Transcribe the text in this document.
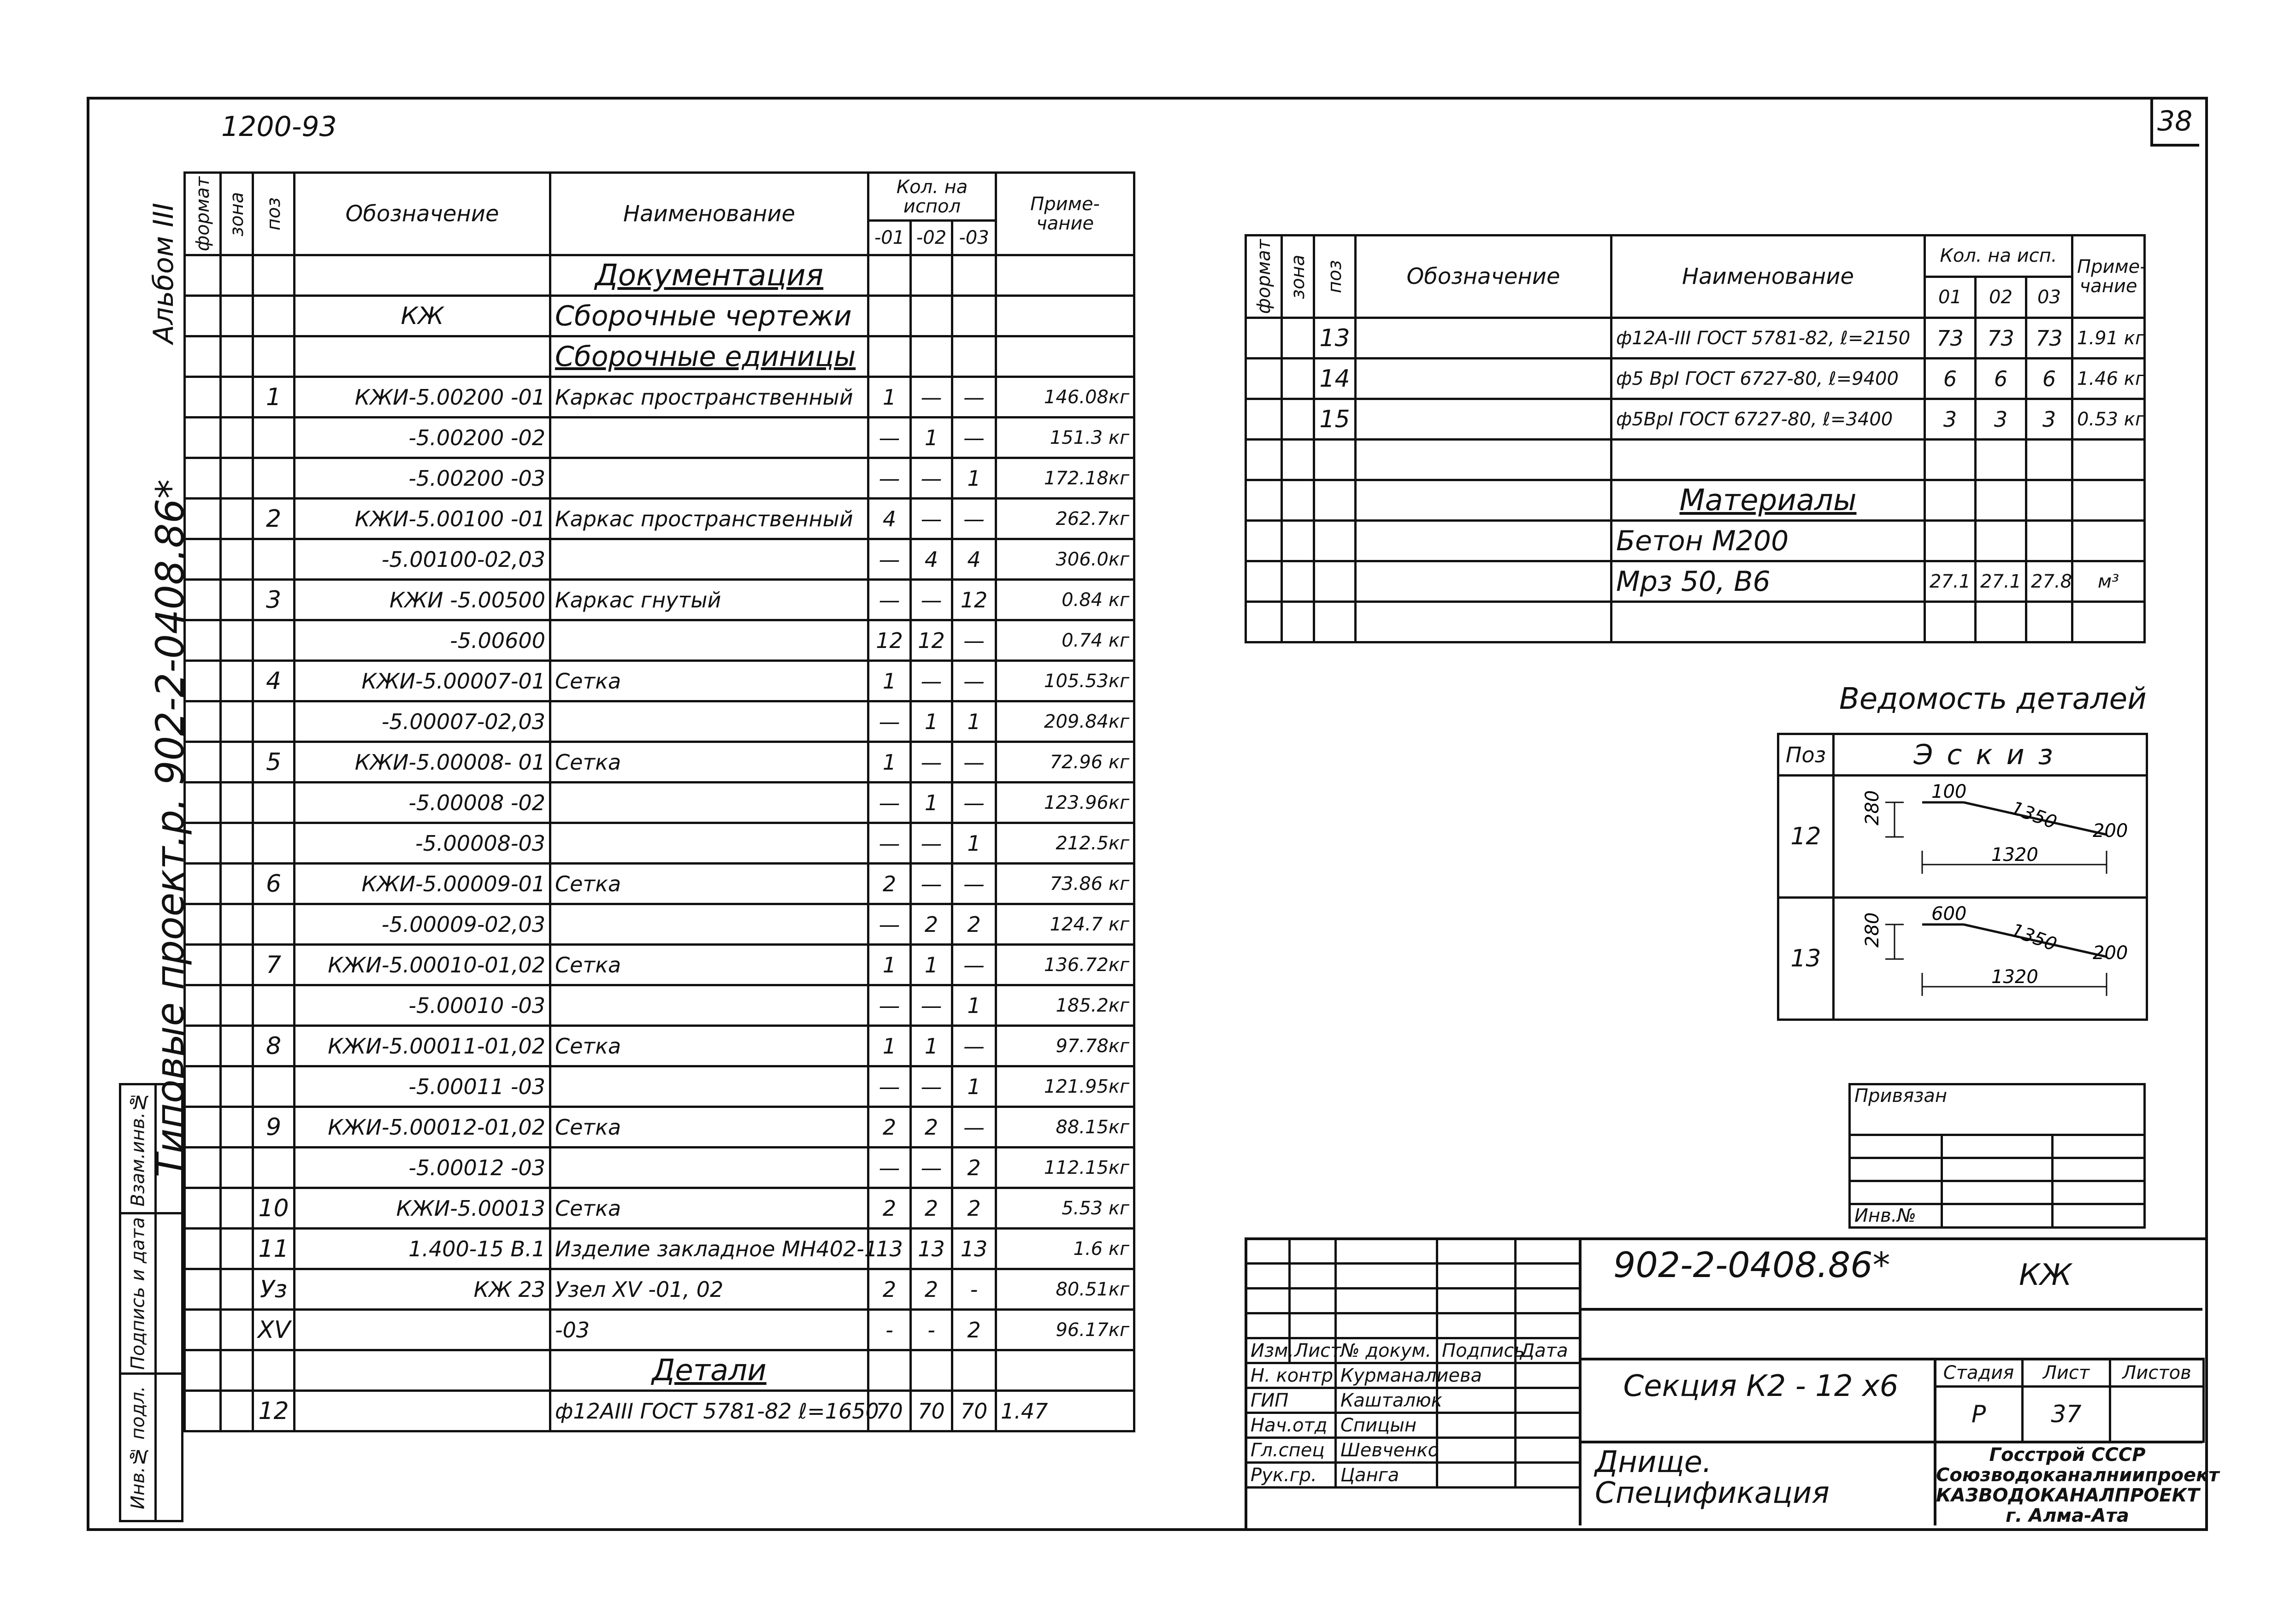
1200-93	38
Альбом III
Типовые проект.р. 902-2-0408.86*
Взам.инв.№	
Подпись и дата	
Инв.№ подл.	
формат	зона	поз	Обозначение	Наименование	Кол. на испол			Приме- чание
					-01	-02	-03	
				Документация				
			КЖ	Сборочные чертежи				
				Сборочные единицы				
		1	КЖИ-5.00200 -01	Каркас пространственный	1	—	—	146.08кг
			-5.00200 -02		—	1	—	151.3 кг
			-5.00200 -03		—	—	1	172.18кг
		2	КЖИ-5.00100 -01	Каркас пространственный	4	—	—	262.7кг
			-5.00100-02,03		—	4	4	306.0кг
		3	КЖИ -5.00500	Каркас гнутый	—	—	12	0.84 кг
			-5.00600		12	12	—	0.74 кг
		4	КЖИ-5.00007-01	Сетка	1	—	—	105.53кг
			-5.00007-02,03		—	1	1	209.84кг
		5	КЖИ-5.00008- 01	Сетка	1	—	—	72.96 кг
			-5.00008 -02		—	1	—	123.96кг
			-5.00008-03		—	—	1	212.5кг
		6	КЖИ-5.00009-01	Сетка	2	—	—	73.86 кг
			-5.00009-02,03		—	2	2	124.7 кг
		7	КЖИ-5.00010-01,02	Сетка	1	1	—	136.72кг
			-5.00010 -03		—	—	1	185.2кг
		8	КЖИ-5.00011-01,02	Сетка	1	1	—	97.78кг
			-5.00011 -03		—	—	1	121.95кг
		9	КЖИ-5.00012-01,02	Сетка	2	2	—	88.15кг
			-5.00012 -03		—	—	2	112.15кг
		10	КЖИ-5.00013	Сетка	2	2	2	5.53 кг
		11	1.400-15 В.1	Изделие закладное МН402-1	13	13	13	1.6 кг
		Уз	КЖ 23	Узел XV -01, 02	2	2	-	80.51кг
		XV		-03	-	-	2	96.17кг
				Детали				
		12		ф12АIII ГОСТ 5781-82 ℓ=1650	70	70	70	1.47
формат	зона	поз	Обозначение	Наименование	Кол. на исп.			Приме- чание
					01	02	03	
		13		ф12А-III ГОСТ 5781-82, ℓ=2150	73	73	73	1.91 кг
		14		ф5 ВрI ГОСТ 6727-80, ℓ=9400	6	6	6	1.46 кг
		15		ф5ВрI ГОСТ 6727-80, ℓ=3400	3	3	3	0.53 кг

				Материалы				
				Бетон М200				
				Мрз 50, В6	27.1	27.1	27.8	м³

Ведомость деталей
Поз	Эскиз
12	280 100
1350 200
1320

13	280 600
1350 200
1320
Привязан		

Инв.№		

Изм.	Лист	№ докум.	Подпись	Дата
Н. контр		Курманалиева		
ГИП		Кашталюк		
Нач.отд		Спицын		
Гл.спец		Шевченко		
Рук.гр.		Цанга		
902-2-0408.86*	КЖ
Секция К2 - 12 х6
Днище. Спецификация
Стадия	Лист	Листов
Р	37	
Госстрой СССР Союзводоканалниипроект КАЗВОДОКАНАЛПРОЕКТ г. Алма-Ата
